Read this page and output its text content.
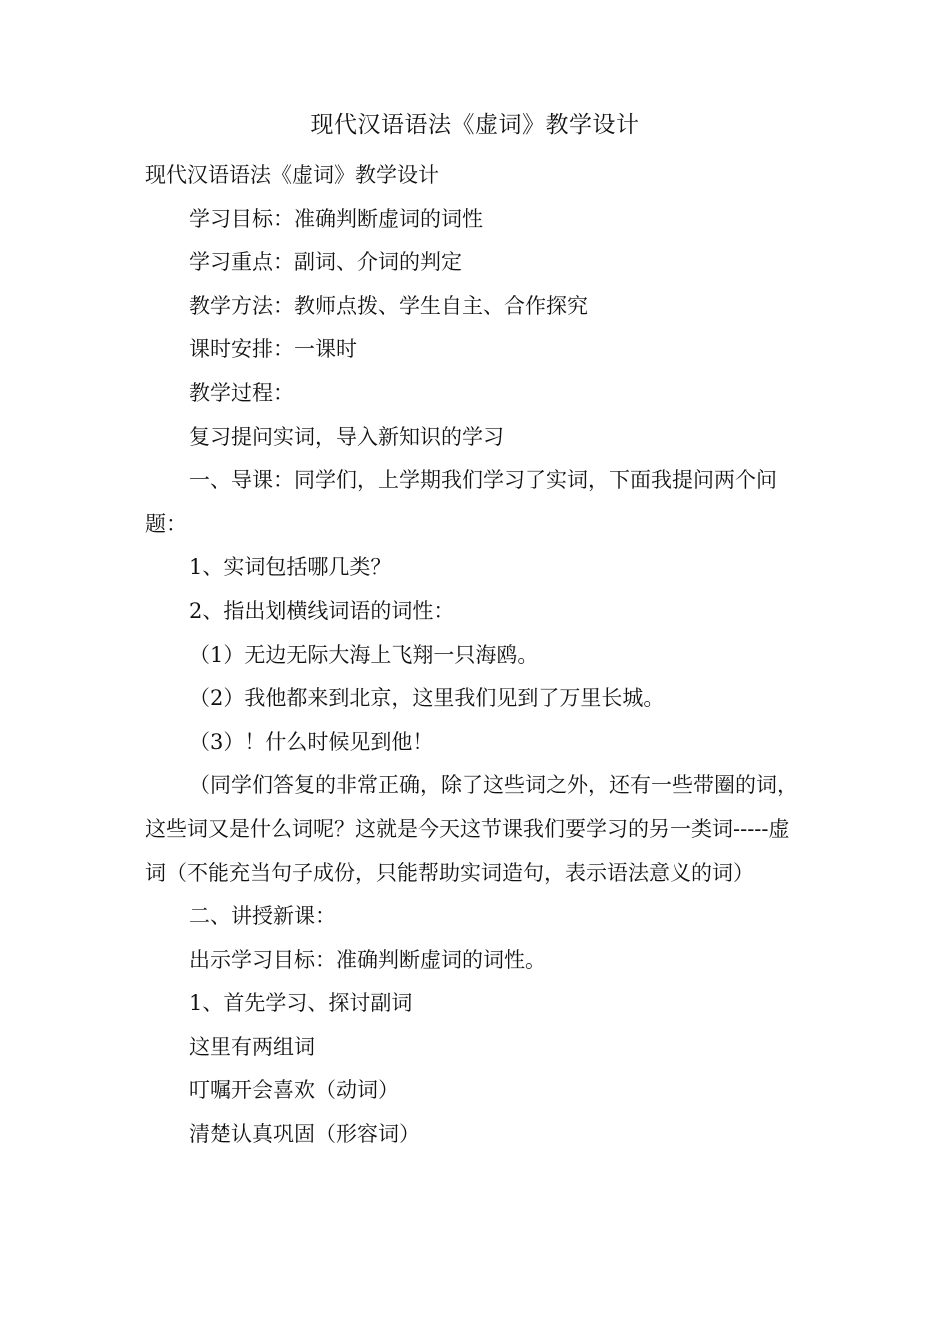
现代汉语语法《虚词》教学设计

现代汉语语法《虚词》教学设计

学习目标：准确判断虚词的词性

学习重点：副词、介词的判定

教学方法：教师点拨、学生自主、合作探究

课时安排：一课时

教学过程：

复习提问实词，导入新知识的学习

一、导课：同学们，上学期我们学习了实词，下面我提问两个问题：

1、实词包括哪几类？

2、指出划横线词语的词性：

（1）无边无际大海上飞翔一只海鸥。

（2）我他都来到北京，这里我们见到了万里长城。

（3）！什么时候见到他！

（同学们答复的非常正确，除了这些词之外，还有一些带圈的词，这些词又是什么词呢？这就是今天这节课我们要学习的另一类词-----虚词（不能充当句子成份，只能帮助实词造句，表示语法意义的词）

二、讲授新课：

出示学习目标：准确判断虚词的词性。

1、首先学习、探讨副词

这里有两组词

叮嘱开会喜欢（动词）

清楚认真巩固（形容词）
